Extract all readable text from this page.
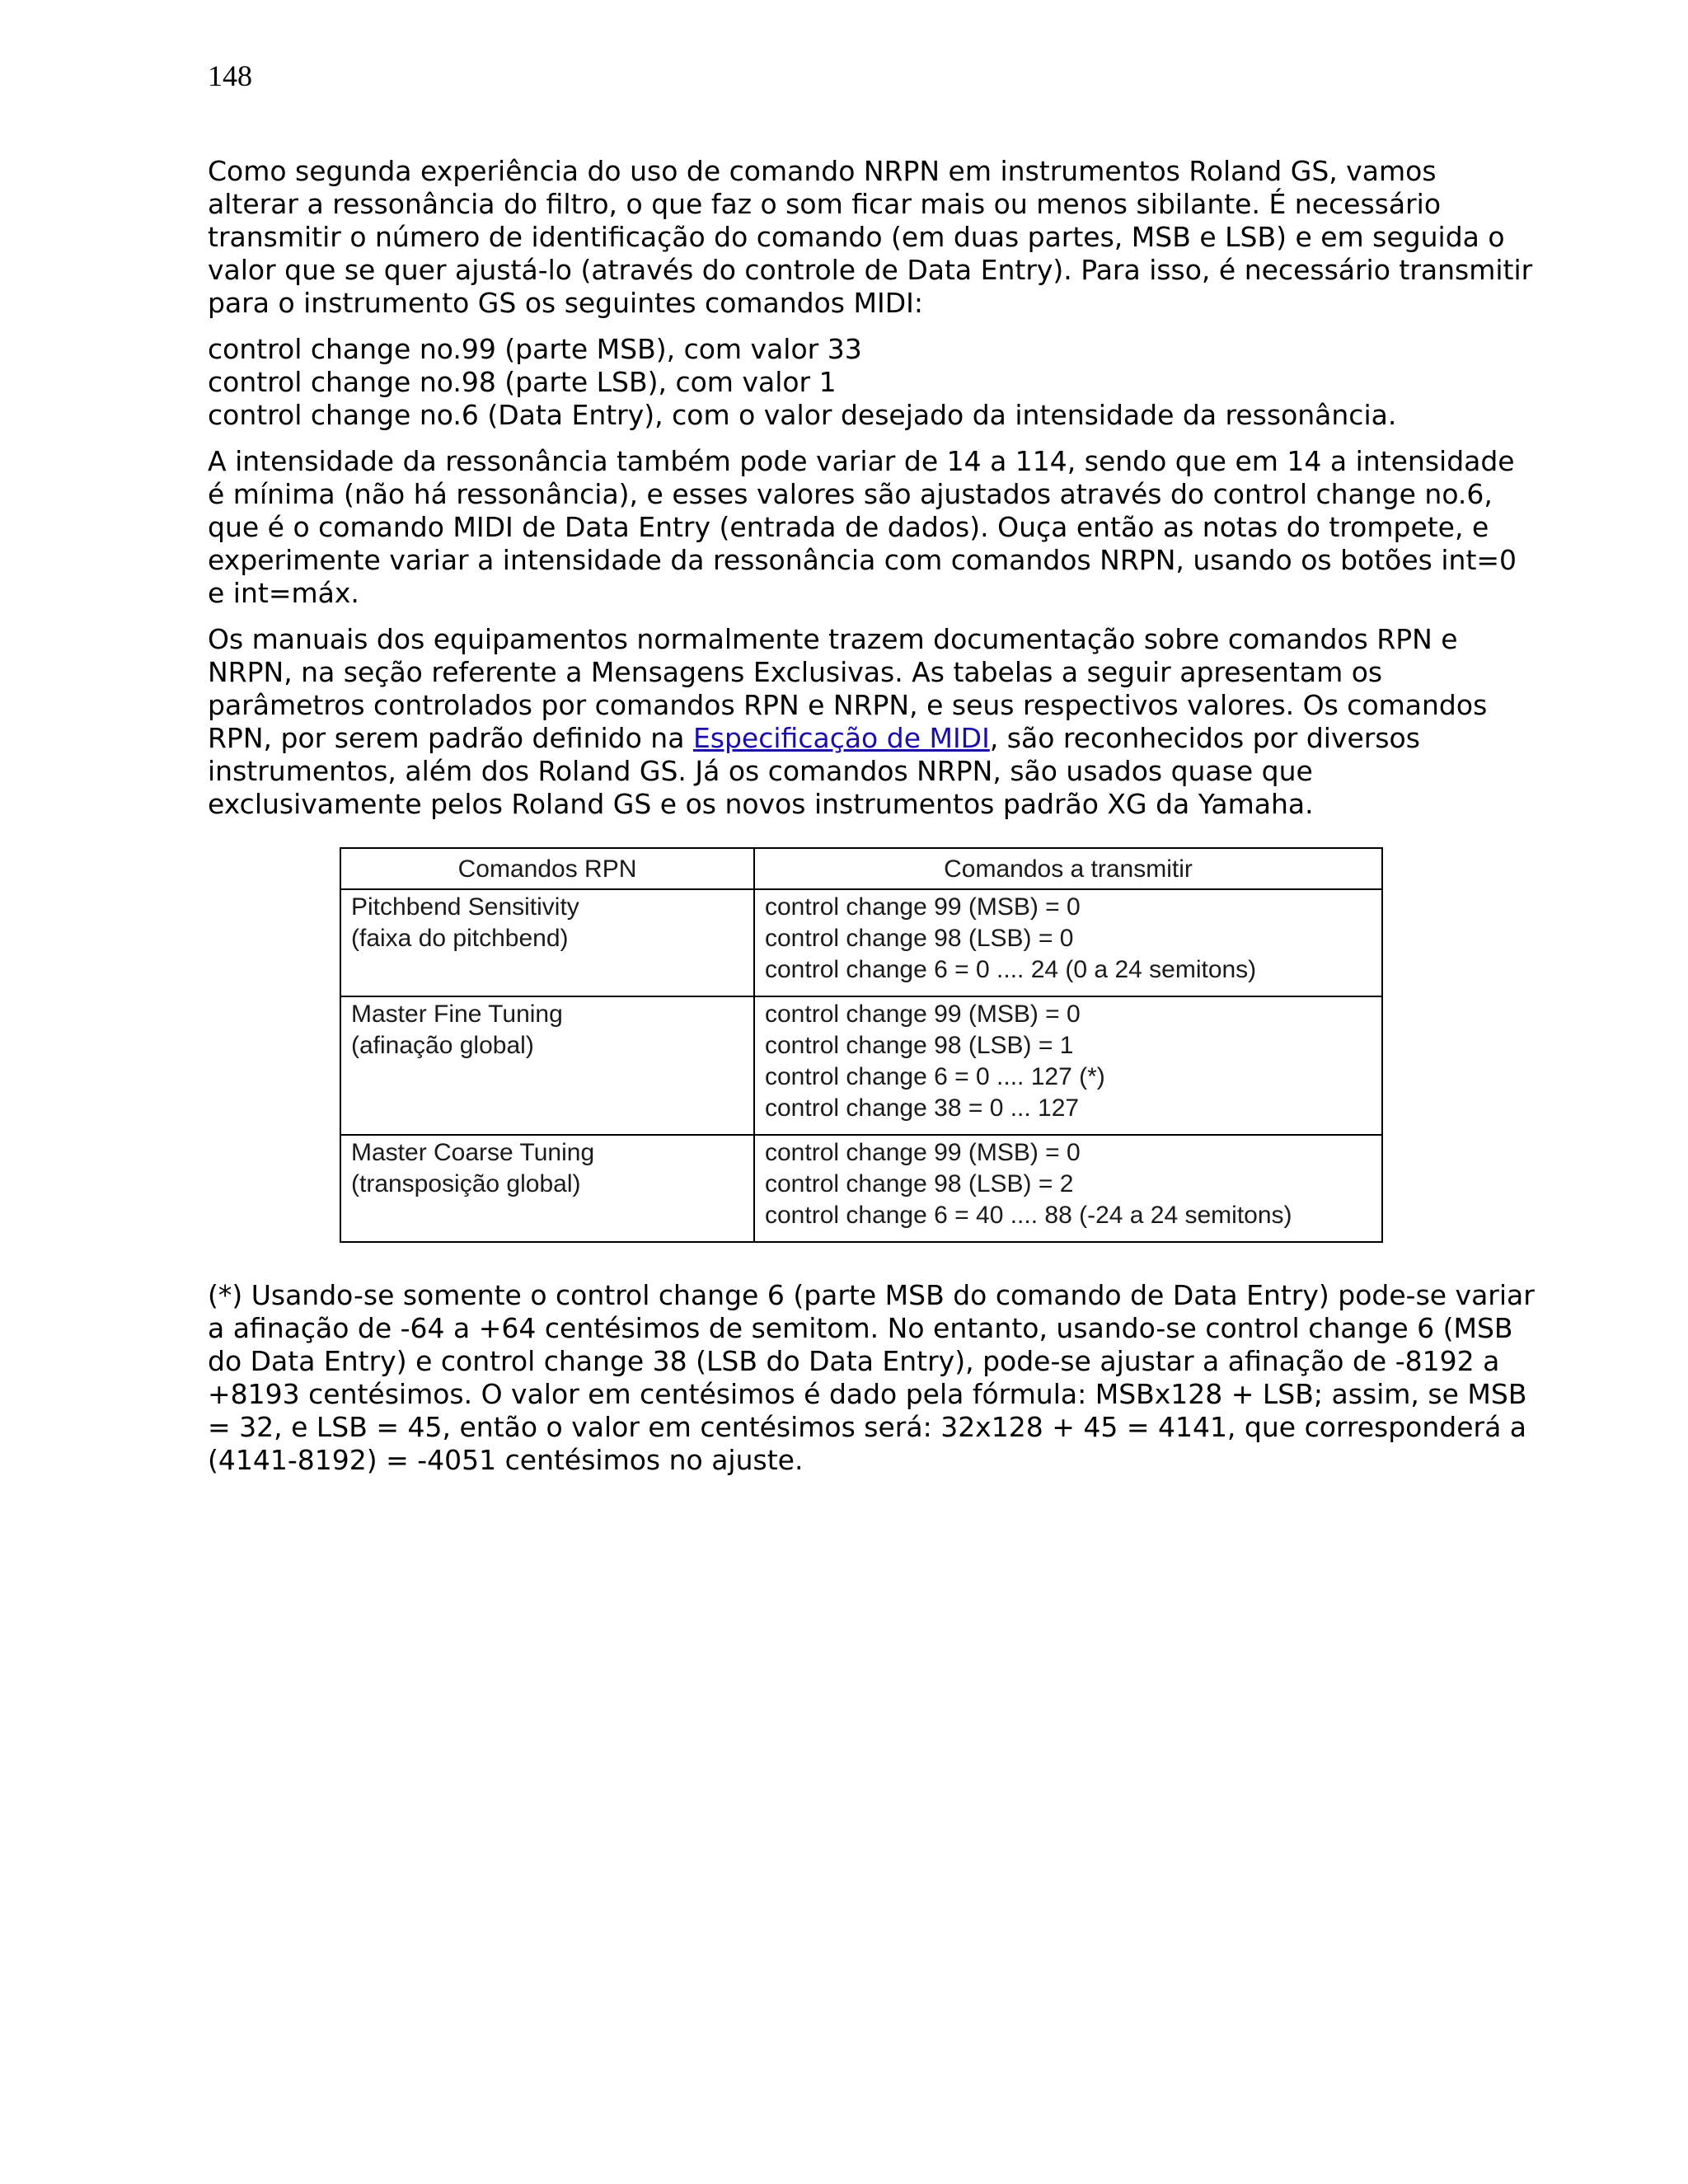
148

Como segunda experiência do uso de comando NRPN em instrumentos Roland GS, vamos alterar a ressonância do filtro, o que faz o som ficar mais ou menos sibilante. É necessário transmitir o número de identificação do comando (em duas partes, MSB e LSB) e em seguida o valor que se quer ajustá-lo (através do controle de Data Entry). Para isso, é necessário transmitir para o instrumento GS os seguintes comandos MIDI:

control change no.99 (parte MSB), com valor 33
control change no.98 (parte LSB), com valor 1
control change no.6 (Data Entry), com o valor desejado da intensidade da ressonância.

A intensidade da ressonância também pode variar de 14 a 114, sendo que em 14 a intensidade é mínima (não há ressonância), e esses valores são ajustados através do control change no.6, que é o comando MIDI de Data Entry (entrada de dados). Ouça então as notas do trompete, e experimente variar a intensidade da ressonância com comandos NRPN, usando os botões int=0 e int=máx.

Os manuais dos equipamentos normalmente trazem documentação sobre comandos RPN e NRPN, na seção referente a Mensagens Exclusivas. As tabelas a seguir apresentam os parâmetros controlados por comandos RPN e NRPN, e seus respectivos valores. Os comandos RPN, por serem padrão definido na Especificação de MIDI, são reconhecidos por diversos instrumentos, além dos Roland GS. Já os comandos NRPN, são usados quase que exclusivamente pelos Roland GS e os novos instrumentos padrão XG da Yamaha.

Comandos RPN	Comandos a transmitir

Pitchbend Sensitivity
(faixa do pitchbend)	control change 99 (MSB) = 0
control change 98 (LSB) = 0
control change 6 = 0 .... 24 (0 a 24 semitons)

Master Fine Tuning
(afinação global)	control change 99 (MSB) = 0
control change 98 (LSB) = 1
control change 6 = 0 .... 127 (*)
control change 38 = 0 ... 127

Master Coarse Tuning
(transposição global)	control change 99 (MSB) = 0
control change 98 (LSB) = 2
control change 6 = 40 .... 88 (-24 a 24 semitons)

(*) Usando-se somente o control change 6 (parte MSB do comando de Data Entry) pode-se variar a afinação de -64 a +64 centésimos de semitom. No entanto, usando-se control change 6 (MSB do Data Entry) e control change 38 (LSB do Data Entry), pode-se ajustar a afinação de -8192 a +8193 centésimos. O valor em centésimos é dado pela fórmula: MSBx128 + LSB; assim, se MSB = 32, e LSB = 45, então o valor em centésimos será: 32x128 + 45 = 4141, que corresponderá a (4141-8192) = -4051 centésimos no ajuste.
